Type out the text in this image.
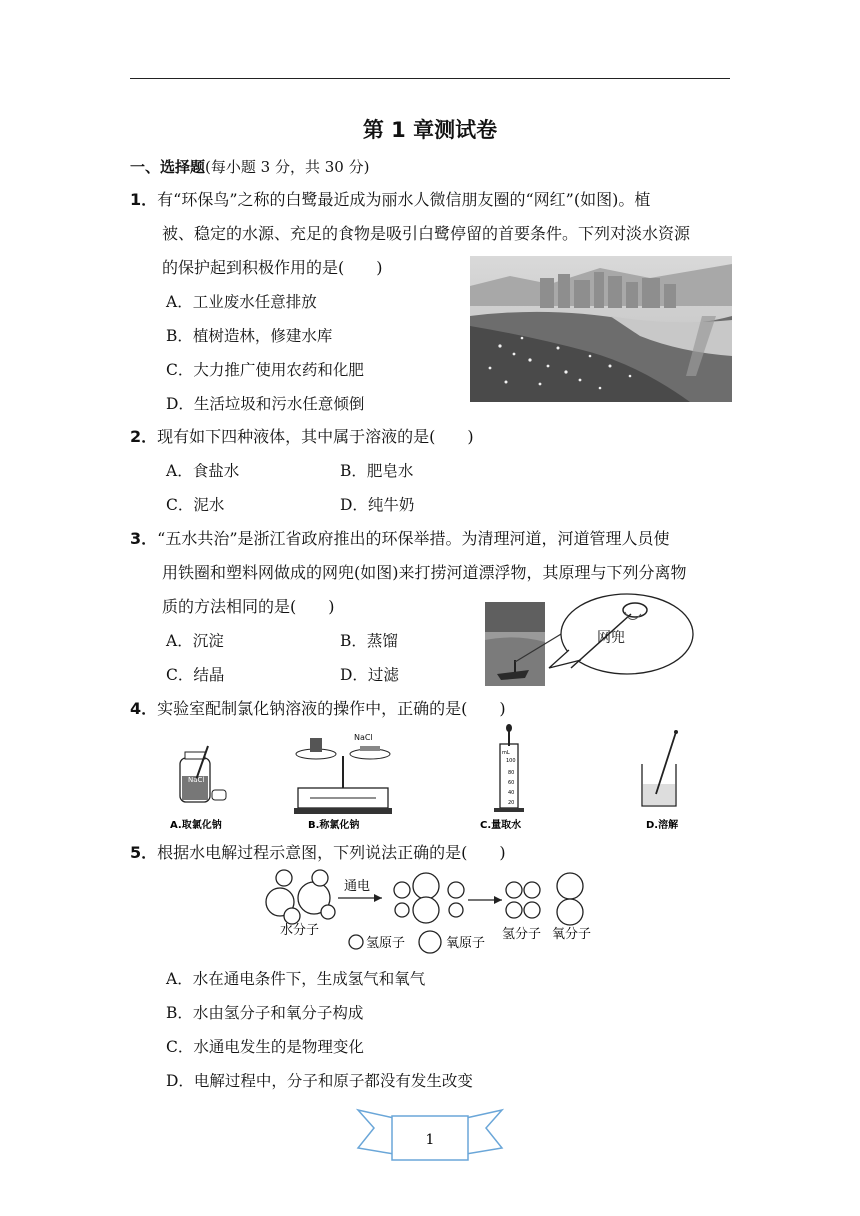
第 1 章测试卷
一、选择题(每小题 3 分，共 30 分)
1．有“环保鸟”之称的白鹭最近成为丽水人微信朋友圈的“网红”(如图)。植
被、稳定的水源、充足的食物是吸引白鹭停留的首要条件。下列对淡水资源
的保护起到积极作用的是(　　)
A．工业废水任意排放
B．植树造林，修建水库
C．大力推广使用农药和化肥
D．生活垃圾和污水任意倾倒
2．现有如下四种液体，其中属于溶液的是(　　)
A．食盐水	B．肥皂水
C．泥水	D．纯牛奶
3．“五水共治”是浙江省政府推出的环保举措。为清理河道，河道管理人员使
用铁圈和塑料网做成的网兜(如图)来打捞河道漂浮物，其原理与下列分离物
质的方法相同的是(　　)
A．沉淀	B．蒸馏
C．结晶	D．过滤
网兜
4．实验室配制氯化钠溶液的操作中，正确的是(　　)
NaCl
A.取氯化钠
NaCl
B.称氯化钠
mL
100
80
60
40
20
C.量取水	D.溶解
5．根据水电解过程示意图，下列说法正确的是(　　)
通电
水分子
氢原子	氧原子
氢分子 氧分子
A．水在通电条件下，生成氢气和氧气
B．水由氢分子和氧分子构成
C．水通电发生的是物理变化
D．电解过程中，分子和原子都没有发生改变
1
